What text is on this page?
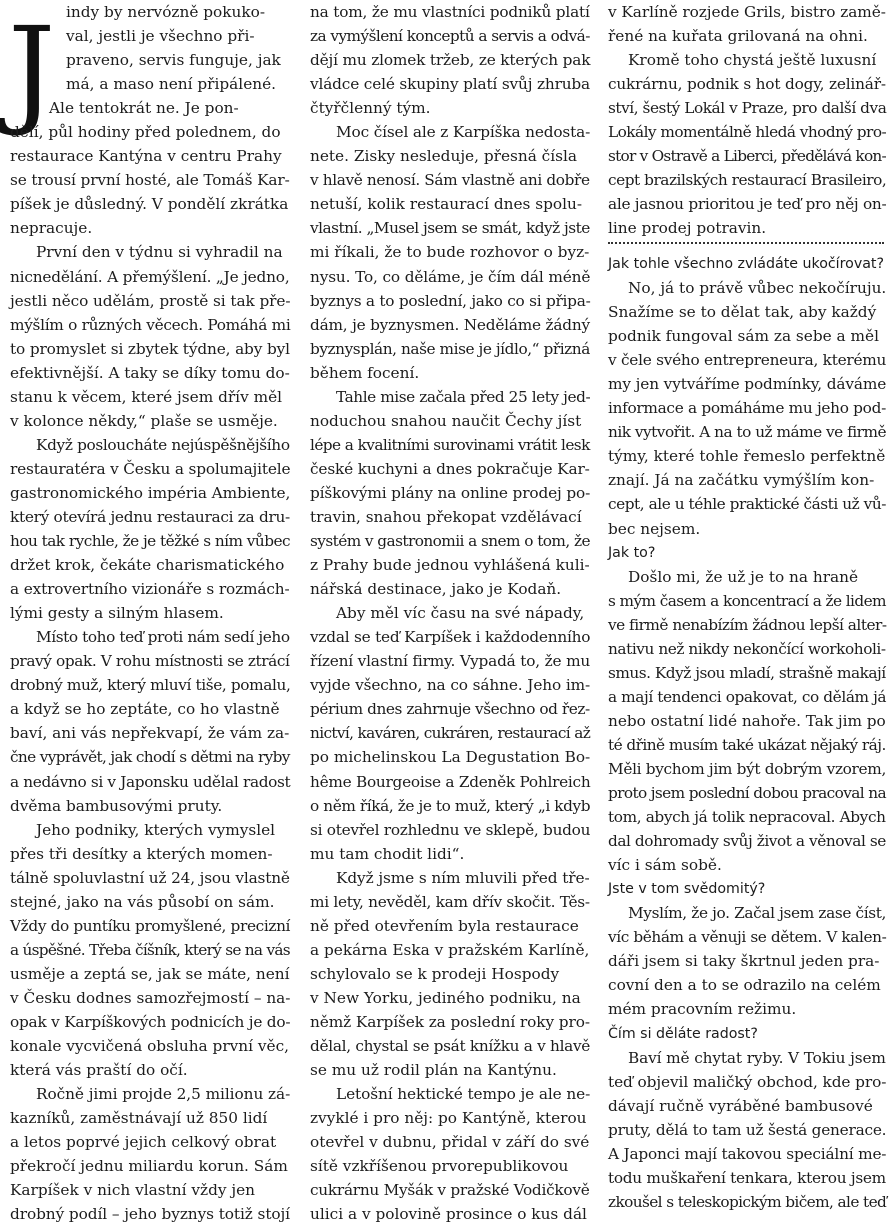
J indy by nervózně pokuko-
val, jestli je všechno při-
praveno, servis funguje, jak
má, a maso není připálené.
Ale tentokrát ne. Je pon-
dělí, půl hodiny před polednem, do
restaurace Kantýna v centru Prahy
se trousí první hosté, ale Tomáš Kar-
píšek je důsledný. V pondělí zkrátka
nepracuje.
První den v týdnu si vyhradil na
nicnedělání. A přemýšlení. „Je jedno,
jestli něco udělám, prostě si tak pře-
mýšlím o různých věcech. Pomáhá mi
to promyslet si zbytek týdne, aby byl
efektivnější. A taky se díky tomu do-
stanu k věcem, které jsem dřív měl
v kolonce někdy,“ plaše se usměje.
Když posloucháte nejúspěšnějšího
restauratéra v Česku a spolumajitele
gastronomického impéria Ambiente,
který otevírá jednu restauraci za dru-
hou tak rychle, že je těžké s ním vůbec
držet krok, čekáte charismatického
a extrovertního vizionáře s rozmách-
lými gesty a silným hlasem.
Místo toho teď proti nám sedí jeho
pravý opak. V rohu místnosti se ztrácí
drobný muž, který mluví tiše, pomalu,
a když se ho zeptáte, co ho vlastně
baví, ani vás nepřekvapí, že vám za-
čne vyprávět, jak chodí s dětmi na ryby
a nedávno si v Japonsku udělal radost
dvěma bambusovými pruty.
Jeho podniky, kterých vymyslel
přes tři desítky a kterých momen-
tálně spoluvlastní už 24, jsou vlastně
stejné, jako na vás působí on sám.
Vždy do puntíku promyšlené, precizní
a úspěšné. Třeba číšník, který se na vás
usměje a zeptá se, jak se máte, není
v Česku dodnes samozřejmostí – na-
opak v Karpíškových podnicích je do-
konale vycvičená obsluha první věc,
která vás praští do očí.
Ročně jimi projde 2,5 milionu zá-
kazníků, zaměstnávají už 850 lidí
a letos poprvé jejich celkový obrat
překročí jednu miliardu korun. Sám
Karpíšek v nich vlastní vždy jen
drobný podíl – jeho byznys totiž stojí
na tom, že mu vlastníci podniků platí
za vymýšlení konceptů a servis a odvá-
dějí mu zlomek tržeb, ze kterých pak
vládce celé skupiny platí svůj zhruba
čtyřčlenný tým.
Moc čísel ale z Karpíška nedosta-
nete. Zisky nesleduje, přesná čísla
v hlavě nenosí. Sám vlastně ani dobře
netuší, kolik restaurací dnes spolu-
vlastní. „Musel jsem se smát, když jste
mi říkali, že to bude rozhovor o byz-
nysu. To, co děláme, je čím dál méně
byznys a to poslední, jako co si připa-
dám, je byznysmen. Neděláme žádný
byznysplán, naše mise je jídlo,“ přizná
během focení.
Tahle mise začala před 25 lety jed-
noduchou snahou naučit Čechy jíst
lépe a kvalitními surovinami vrátit lesk
české kuchyni a dnes pokračuje Kar-
píškovými plány na online prodej po-
travin, snahou překopat vzdělávací
systém v gastronomii a snem o tom, že
z Prahy bude jednou vyhlášená kuli-
nářská destinace, jako je Kodaň.
Aby měl víc času na své nápady,
vzdal se teď Karpíšek i každodenního
řízení vlastní firmy. Vypadá to, že mu
vyjde všechno, na co sáhne. Jeho im-
périum dnes zahrnuje všechno od řez-
nictví, kaváren, cukráren, restaurací až
po michelinskou La Degustation Bo-
hême Bourgeoise a Zdeněk Pohlreich
o něm říká, že je to muž, který „i kdyb
si otevřel rozhlednu ve sklepě, budou
mu tam chodit lidi“.
Když jsme s ním mluvili před tře-
mi lety, nevěděl, kam dřív skočit. Těs-
ně před otevřením byla restaurace
a pekárna Eska v pražském Karlíně,
schylovalo se k prodeji Hospody
v New Yorku, jediného podniku, na
němž Karpíšek za poslední roky pro-
dělal, chystal se psát knížku a v hlavě
se mu už rodil plán na Kantýnu.
Letošní hektické tempo je ale ne-
zvyklé i pro něj: po Kantýně, kterou
otevřel v dubnu, přidal v září do své
sítě vzkříšenou prvorepublikovou
cukrárnu Myšák v pražské Vodičkově
ulici a v polovině prosince o kus dál
v Karlíně rozjede Grils, bistro zamě-
řené na kuřata grilovaná na ohni.
Kromě toho chystá ještě luxusní
cukrárnu, podnik s hot dogy, zelinář-
ství, šestý Lokál v Praze, pro další dva
Lokály momentálně hledá vhodný pro-
stor v Ostravě a Liberci, předělává kon-
cept brazilských restaurací Brasileiro,
ale jasnou prioritou je teď pro něj on-
line prodej potravin.
Jak tohle všechno zvládáte ukočírovat?
No, já to právě vůbec nekočíruju.
Snažíme se to dělat tak, aby každý
podnik fungoval sám za sebe a měl
v čele svého entrepreneura, kterému
my jen vytváříme podmínky, dáváme
informace a pomáháme mu jeho pod-
nik vytvořit. A na to už máme ve firmě
týmy, které tohle řemeslo perfektně
znají. Já na začátku vymýšlím kon-
cept, ale u téhle praktické části už vů-
bec nejsem.
Jak to?
Došlo mi, že už je to na hraně
s mým časem a koncentrací a že lidem
ve firmě nenabízím žádnou lepší alter-
nativu než nikdy nekončící workoholi-
smus. Když jsou mladí, strašně makají
a mají tendenci opakovat, co dělám já
nebo ostatní lidé nahoře. Tak jim po
té dřině musím také ukázat nějaký ráj.
Měli bychom jim být dobrým vzorem,
proto jsem poslední dobou pracoval na
tom, abych já tolik nepracoval. Abych
dal dohromady svůj život a věnoval se
víc i sám sobě.
Jste v tom svědomitý?
Myslím, že jo. Začal jsem zase číst,
víc běhám a věnuji se dětem. V kalen-
dáři jsem si taky škrtnul jeden pra-
covní den a to se odrazilo na celém
mém pracovním režimu.
Čím si děláte radost?
Baví mě chytat ryby. V Tokiu jsem
teď objevil maličký obchod, kde pro-
dávají ručně vyráběné bambusové
pruty, dělá to tam už šestá generace.
A Japonci mají takovou speciální me-
todu muškaření tenkara, kterou jsem
zkoušel s teleskopickým bičem, ale teď
